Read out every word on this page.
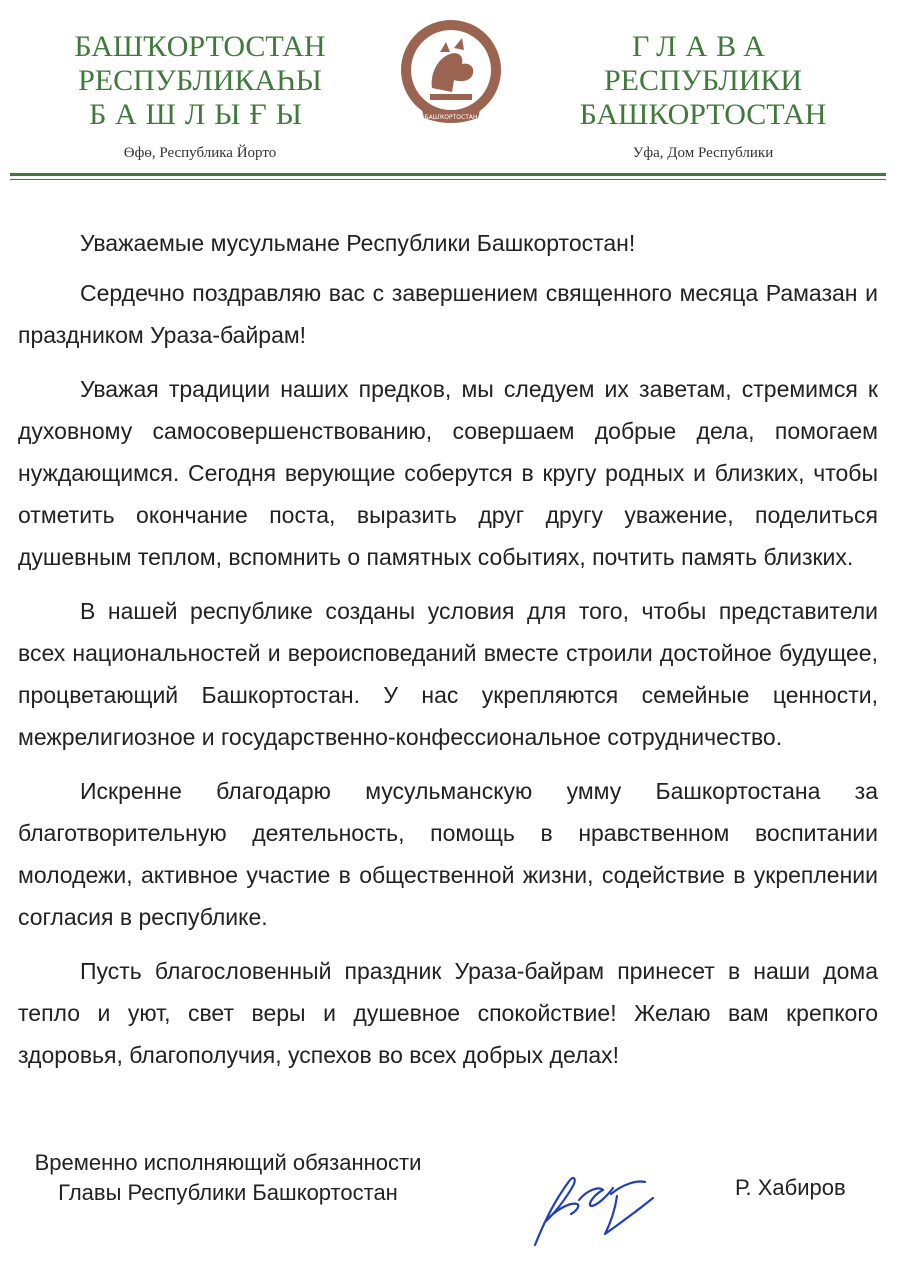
БАШҠОРТОСТАН
РЕСПУБЛИКАҺЫ
БАШЛЫҒЫ
Өфө, Республика Йорто
БАШҠОРТОСТАН
ГЛАВА
РЕСПУБЛИКИ
БАШКОРТОСТАН
Уфа, Дом Республики

Уважаемые мусульмане Республики Башкортостан!

Сердечно поздравляю вас с завершением священного месяца Рамазан и праздником Ураза-байрам!

Уважая традиции наших предков, мы следуем их заветам, стремимся к духовному самосовершенствованию, совершаем добрые дела, помогаем нуждающимся. Сегодня верующие соберутся в кругу родных и близких, чтобы отметить окончание поста, выразить друг другу уважение, поделиться душевным теплом, вспомнить о памятных событиях, почтить память близких.

В нашей республике созданы условия для того, чтобы представители всех национальностей и вероисповеданий вместе строили достойное будущее, процветающий Башкортостан. У нас укрепляются семейные ценности, межрелигиозное и государственно-конфессиональное сотрудничество.

Искренне благодарю мусульманскую умму Башкортостана за благотворительную деятельность, помощь в нравственном воспитании молодежи, активное участие в общественной жизни, содействие в укреплении согласия в республике.

Пусть благословенный праздник Ураза-байрам принесет в наши дома тепло и уют, свет веры и душевное спокойствие! Желаю вам крепкого здоровья, благополучия, успехов во всех добрых делах!

Временно исполняющий обязанности
Главы Республики Башкортостан	Р. Хабиров
